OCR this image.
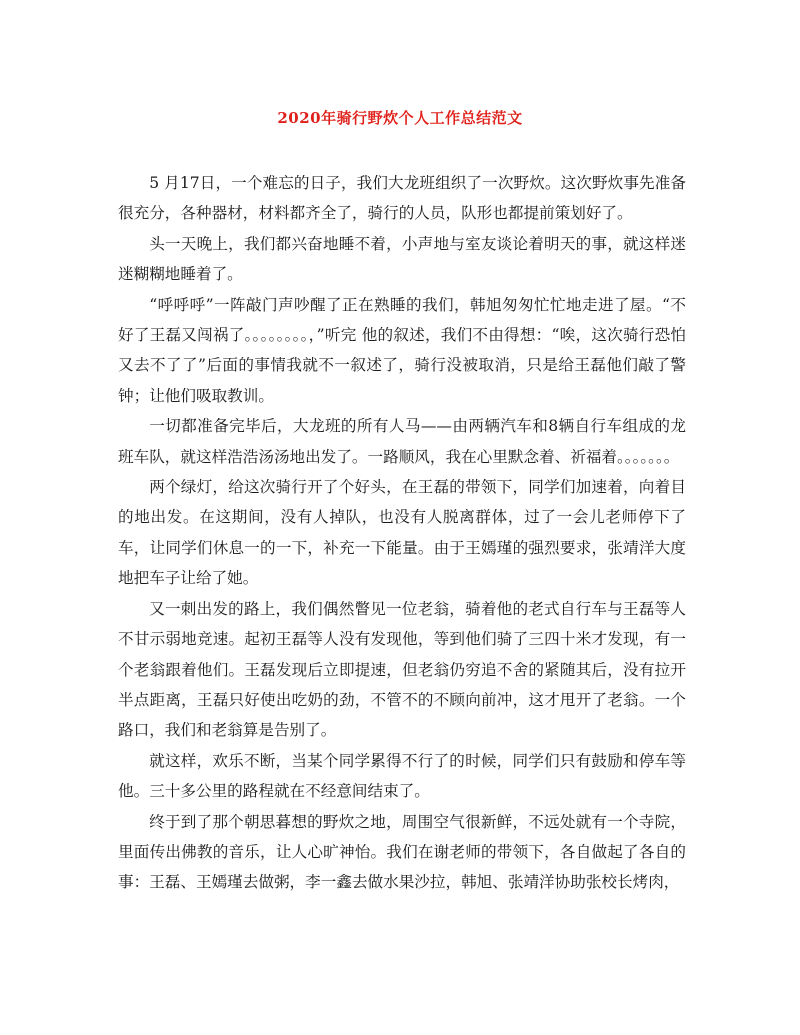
2020年骑行野炊个人工作总结范文

5 月17日，一个难忘的日子，我们大龙班组织了一次野炊。这次野炊事先准备很充分，各种器材，材料都齐全了，骑行的人员，队形也都提前策划好了。

头一天晚上，我们都兴奋地睡不着，小声地与室友谈论着明天的事，就这样迷迷糊糊地睡着了。

“呼呼呼”一阵敲门声吵醒了正在熟睡的我们，韩旭匆匆忙忙地走进了屋。“不好了王磊又闯祸了。。。。。。。。，”听完 他的叙述，我们不由得想：“唉，这次骑行恐怕又去不了了”后面的事情我就不一叙述了，骑行没被取消，只是给王磊他们敲了警钟；让他们吸取教训。

一切都准备完毕后，大龙班的所有人马——由两辆汽车和8辆自行车组成的龙班车队，就这样浩浩汤汤地出发了。一路顺风，我在心里默念着、祈福着。。。。。。。

两个绿灯，给这次骑行开了个好头，在王磊的带领下，同学们加速着，向着目的地出发。在这期间，没有人掉队，也没有人脱离群体，过了一会儿老师停下了车，让同学们休息一的一下，补充一下能量。由于王嫣瑾的强烈要求，张靖洋大度地把车子让给了她。

又一刺出发的路上，我们偶然瞥见一位老翁，骑着他的老式自行车与王磊等人不甘示弱地竞速。起初王磊等人没有发现他，等到他们骑了三四十米才发现，有一个老翁跟着他们。王磊发现后立即提速，但老翁仍穷追不舍的紧随其后，没有拉开半点距离，王磊只好使出吃奶的劲，不管不的不顾向前冲，这才甩开了老翁。一个路口，我们和老翁算是告别了。

就这样，欢乐不断，当某个同学累得不行了的时候，同学们只有鼓励和停车等他。三十多公里的路程就在不经意间结束了。

终于到了那个朝思暮想的野炊之地，周围空气很新鲜，不远处就有一个寺院，里面传出佛教的音乐，让人心旷神怡。我们在谢老师的带领下，各自做起了各自的事：王磊、王嫣瑾去做粥，李一鑫去做水果沙拉，韩旭、张靖洋协助张校长烤肉，
